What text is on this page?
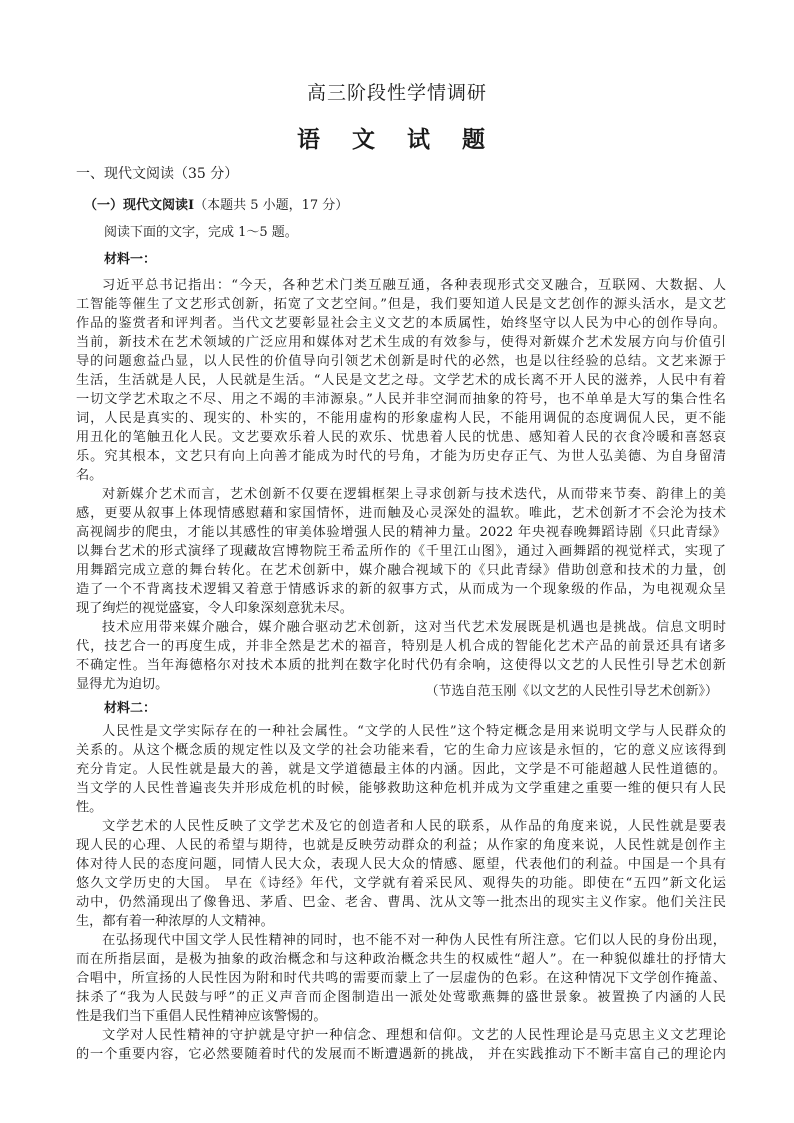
高三阶段性学情调研
语 文 试 题
一、现代文阅读（35 分）
（一）现代文阅读Ⅰ（本题共 5 小题，17 分）
阅读下面的文字，完成 1～5 题。
材料一：
习近平总书记指出：“今天，各种艺术门类互融互通，各种表现形式交叉融合，互联网、大数据、人
工智能等催生了文艺形式创新，拓宽了文艺空间。”但是，我们要知道人民是文艺创作的源头活水，是文艺
作品的鉴赏者和评判者。当代文艺要彰显社会主义文艺的本质属性，始终坚守以人民为中心的创作导向。
当前，新技术在艺术领域的广泛应用和媒体对艺术生成的有效参与，使得对新媒介艺术发展方向与价值引
导的问题愈益凸显，以人民性的价值导向引领艺术创新是时代的必然，也是以往经验的总结。文艺来源于
生活，生活就是人民，人民就是生活。“人民是文艺之母。文学艺术的成长离不开人民的滋养，人民中有着
一切文学艺术取之不尽、用之不竭的丰沛源泉。”人民并非空洞而抽象的符号，也不单单是大写的集合性名
词，人民是真实的、现实的、朴实的，不能用虚构的形象虚构人民，不能用调侃的态度调侃人民，更不能
用丑化的笔触丑化人民。文艺要欢乐着人民的欢乐、忧患着人民的忧患、感知着人民的衣食冷暖和喜怒哀
乐。究其根本，文艺只有向上向善才能成为时代的号角，才能为历史存正气、为世人弘美德、为自身留清
名。
对新媒介艺术而言，艺术创新不仅要在逻辑框架上寻求创新与技术迭代，从而带来节奏、韵律上的美
感，更要从叙事上体现情感慰藉和家国情怀，进而触及心灵深处的温软。唯此，艺术创新才不会沦为技术
高视阔步的爬虫，才能以其感性的审美体验增强人民的精神力量。2022 年央视春晚舞蹈诗剧《只此青绿》
以舞台艺术的形式演绎了现藏故宫博物院王希孟所作的《千里江山图》，通过入画舞蹈的视觉样式，实现了
用舞蹈完成立意的舞台转化。在艺术创新中，媒介融合视域下的《只此青绿》借助创意和技术的力量，创
造了一个不背离技术逻辑又着意于情感诉求的新的叙事方式，从而成为一个现象级的作品，为电视观众呈
现了绚烂的视觉盛宴，令人印象深刻意犹未尽。
技术应用带来媒介融合，媒介融合驱动艺术创新，这对当代艺术发展既是机遇也是挑战。信息文明时
代，技艺合一的再度生成，并非全然是艺术的福音，特别是人机合成的智能化艺术产品的前景还具有诸多
不确定性。当年海德格尔对技术本质的批判在数字化时代仍有余响，这使得以文艺的人民性引导艺术创新
显得尤为迫切。	（节选自范玉刚《以文艺的人民性引导艺术创新》）
材料二：
人民性是文学实际存在的一种社会属性。“文学的人民性”这个特定概念是用来说明文学与人民群众的
关系的。从这个概念质的规定性以及文学的社会功能来看，它的生命力应该是永恒的，它的意义应该得到
充分肯定。人民性就是最大的善，就是文学道德最主体的内涵。因此，文学是不可能超越人民性道德的。
当文学的人民性普遍丧失并形成危机的时候，能够救助这种危机并成为文学重建之重要一维的便只有人民
性。
文学艺术的人民性反映了文学艺术及它的创造者和人民的联系，从作品的角度来说，人民性就是要表
现人民的心理、人民的希望与期待，也就是反映劳动群众的利益；从作家的角度来说，人民性就是创作主
体对待人民的态度问题，同情人民大众，表现人民大众的情感、愿望，代表他们的利益。中国是一个具有
悠久文学历史的大国。 早在《诗经》年代，文学就有着采民风、观得失的功能。即使在“五四”新文化运
动中，仍然涌现出了像鲁迅、茅盾、巴金、老舍、曹禺、沈从文等一批杰出的现实主义作家。他们关注民
生，都有着一种浓厚的人文精神。
在弘扬现代中国文学人民性精神的同时，也不能不对一种伪人民性有所注意。它们以人民的身份出现，
而在所指层面，是极为抽象的政治概念和与这种政治概念共生的权威性“超人”。在一种貌似雄壮的抒情大
合唱中，所宣扬的人民性因为附和时代共鸣的需要而蒙上了一层虚伪的色彩。在这种情况下文学创作掩盖、
抹杀了“我为人民鼓与呼”的正义声音而企图制造出一派处处莺歌燕舞的盛世景象。被置换了内涵的人民
性是我们当下重倡人民性精神应该警惕的。
文学对人民性精神的守护就是守护一种信念、理想和信仰。文艺的人民性理论是马克思主义文艺理论
的一个重要内容，它必然要随着时代的发展而不断遭遇新的挑战， 并在实践推动下不断丰富自己的理论内
